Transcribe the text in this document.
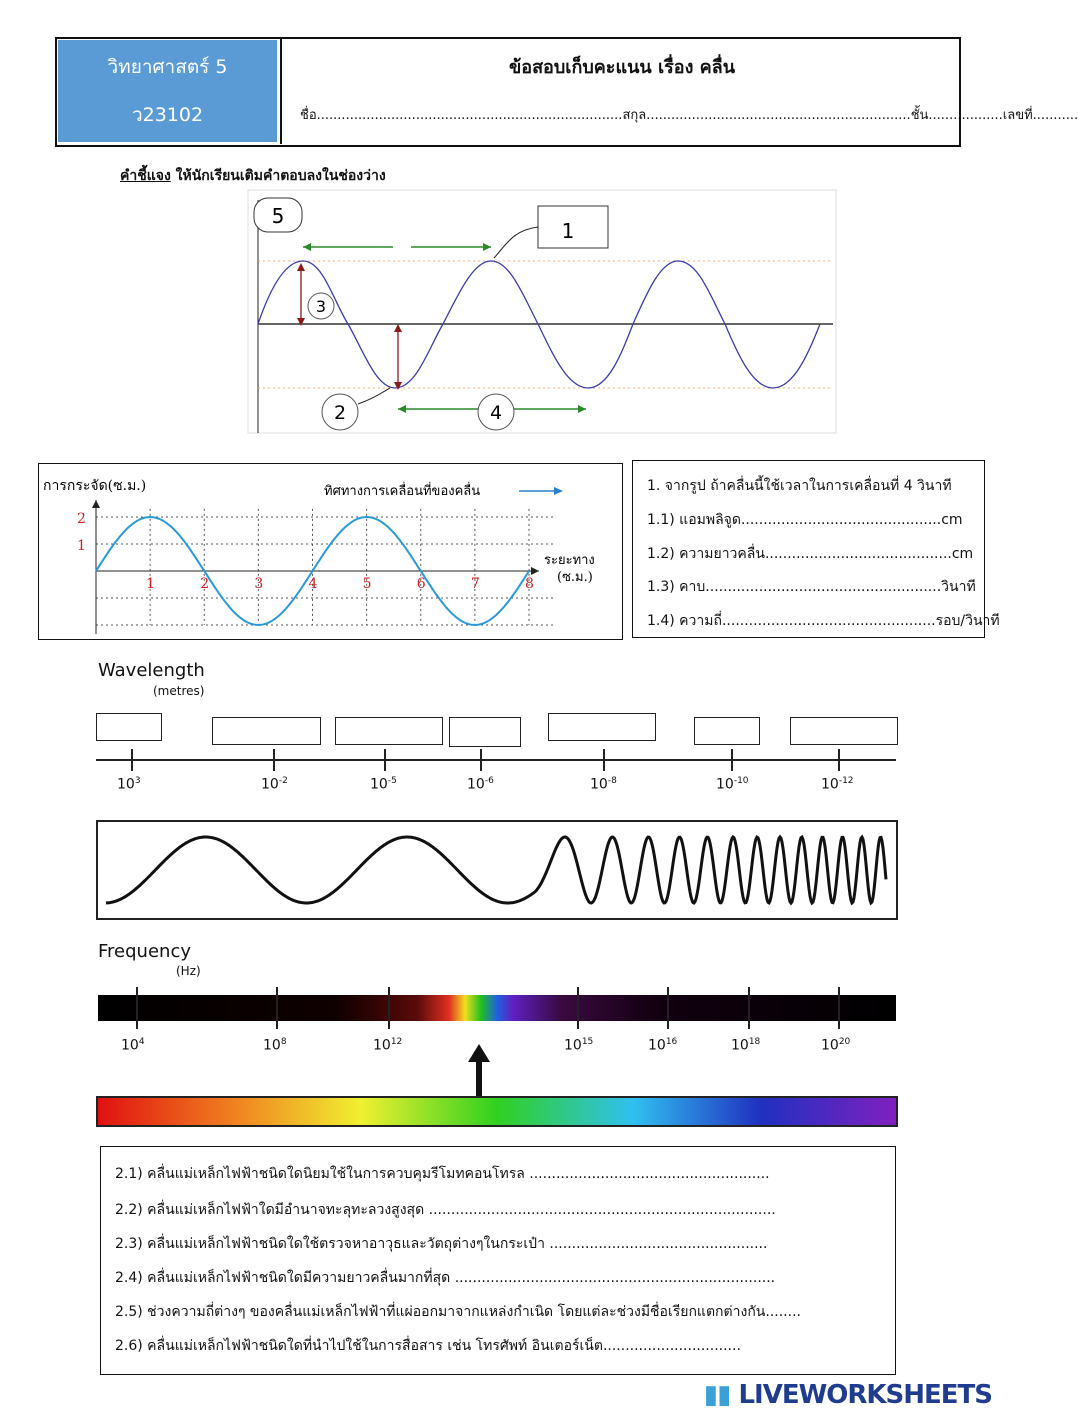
วิทยาศาสตร์ 5
ว23102
ข้อสอบเก็บคะแนน เรื่อง คลื่น
ชื่อ..........................................................................สกุล................................................................ชั้น..................เลขที่...........
คำชี้แจง ให้นักเรียนเติมคำตอบลงในช่องว่าง
5
1
3
2	4
การกระจัด(ซ.ม.)	ทิศทางการเคลื่อนที่ของคลื่น
ระยะทาง
(ซ.ม.)
2
1
1	2	3	4	5	6	7	8
1. จากรูป ถ้าคลื่นนี้ใช้เวลาในการเคลื่อนที่ 4 วินาที
1.1) แอมพลิจูด.............................................cm
1.2) ความยาวคลื่น..........................................cm
1.3) คาบ.....................................................วินาที
1.4) ความถี่................................................รอบ/วินาที
Wavelength
(metres)
$10^3$	$10^{-2}$	$10^{-5}$	$10^{-6}$	$10^{-8}$	$10^{-10}$	$10^{-12}$
Frequency
(Hz)
$10^4$	$10^8$	$10^{12}$	$10^{15}$	$10^{16}$	$10^{18}$	$10^{20}$
2.1) คลื่นแม่เหล็กไฟฟ้าชนิดใดนิยมใช้ในการควบคุมรีโมทคอนโทรล ......................................................
2.2) คลื่นแม่เหล็กไฟฟ้าใดมีอำนาจทะลุทะลวงสูงสุด ..............................................................................
2.3) คลื่นแม่เหล็กไฟฟ้าชนิดใดใช้ตรวจหาอาวุธและวัตถุต่างๆในกระเป๋า .................................................
2.4) คลื่นแม่เหล็กไฟฟ้าชนิดใดมีความยาวคลื่นมากที่สุด ........................................................................
2.5) ช่วงความถี่ต่างๆ ของคลื่นแม่เหล็กไฟฟ้าที่แผ่ออกมาจากแหล่งกำเนิด โดยแต่ละช่วงมีชื่อเรียกแตกต่างกัน........
2.6) คลื่นแม่เหล็กไฟฟ้าชนิดใดที่นำไปใช้ในการสื่อสาร เช่น โทรศัพท์ อินเตอร์เน็ต...............................
▮▮ LIVEWORKSHEETS
